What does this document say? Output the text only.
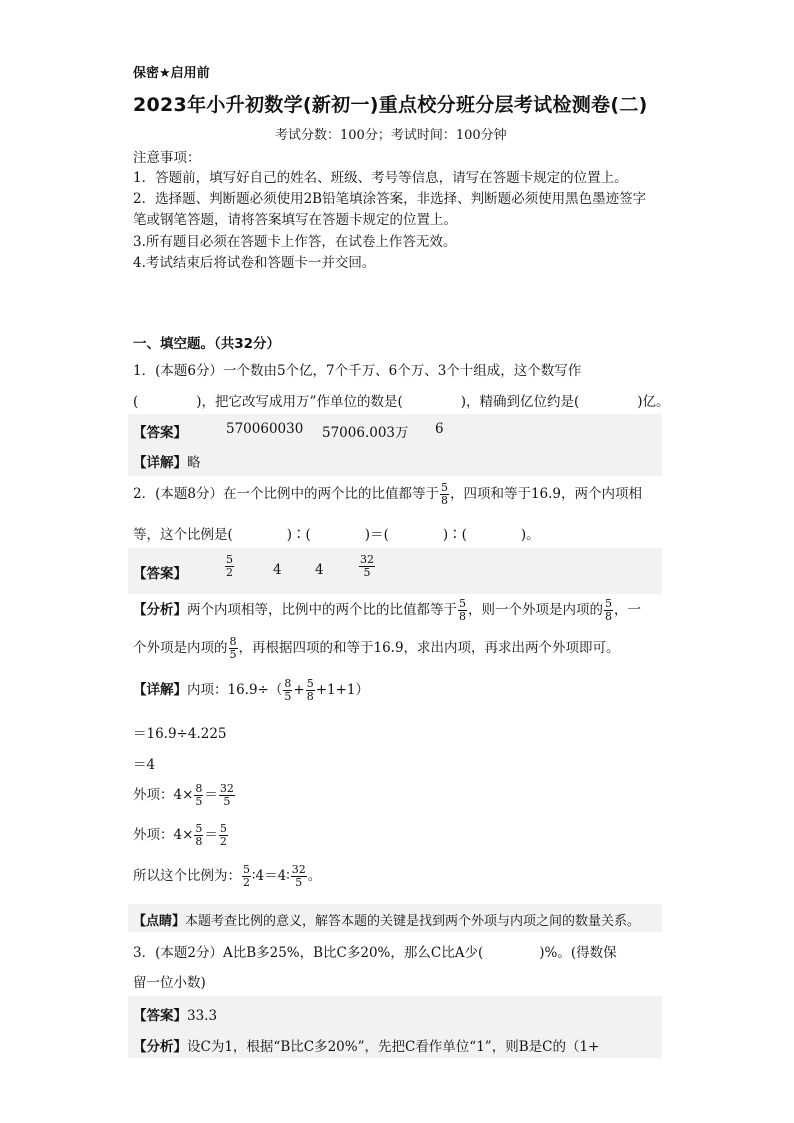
保密★启用前
2023年小升初数学(新初一)重点校分班分层考试检测卷(二)
考试分数：100分；考试时间：100分钟
注意事项：
1．答题前，填写好自己的姓名、班级、考号等信息，请写在答题卡规定的位置上。
2．选择题、判断题必须使用2B铅笔填涂答案，非选择、判断题必须使用黑色墨迹签字
笔或钢笔答题，请将答案填写在答题卡规定的位置上。
3.所有题目必须在答题卡上作答，在试卷上作答无效。
4.考试结束后将试卷和答题卡一并交回。
一、填空题。（共32分）
1．(本题6分）一个数由5个亿，7个千万、6个万、3个十组成，这个数写作
(	)，把它改写成用万”作单位的数是(	)，精确到亿位约是(	)亿。
【答案】	570060030 57006.003万 6
【详解】略
2．(本题8分）在一个比例中的两个比的比值都等于 $\frac{5}{8}$ ，四项和等于16.9，两个内项相
等，这个比例是(　　　　)∶(　　　　)＝(　　　　)∶(　　　　)。
【答案】	$\frac{5}{2}$	4 4	$\frac{32}{5}$
【分析】两个内项相等，比例中的两个比的比值都等于 $\frac{5}{8}$ ，则一个外项是内项的 $\frac{5}{8}$ ，一
个外项是内项的 $\frac{8}{5}$ ，再根据四项的和等于16.9，求出内项，再求出两个外项即可。
【详解】内项：$16.9\div( \frac{8}{5} + \frac{5}{8} +1+1)$
＝16.9÷4.225
＝4
外项：$4\times \frac{8}{5} = \frac{32}{5}$
外项：$4\times \frac{5}{8} = \frac{5}{2}$
所以这个比例为： $\frac{5}{2}$ ∶4＝4∶ $\frac{32}{5}$ 。
【点睛】本题考查比例的意义，解答本题的关键是找到两个外项与内项之间的数量关系。
3．(本题2分）A比B多25%，B比C多20%，那么C比A少(	)%。(得数保
留一位小数)
【答案】33.3
【分析】设C为1，根据“B比C多20%”，先把C看作单位“1”，则B是C的（1+
